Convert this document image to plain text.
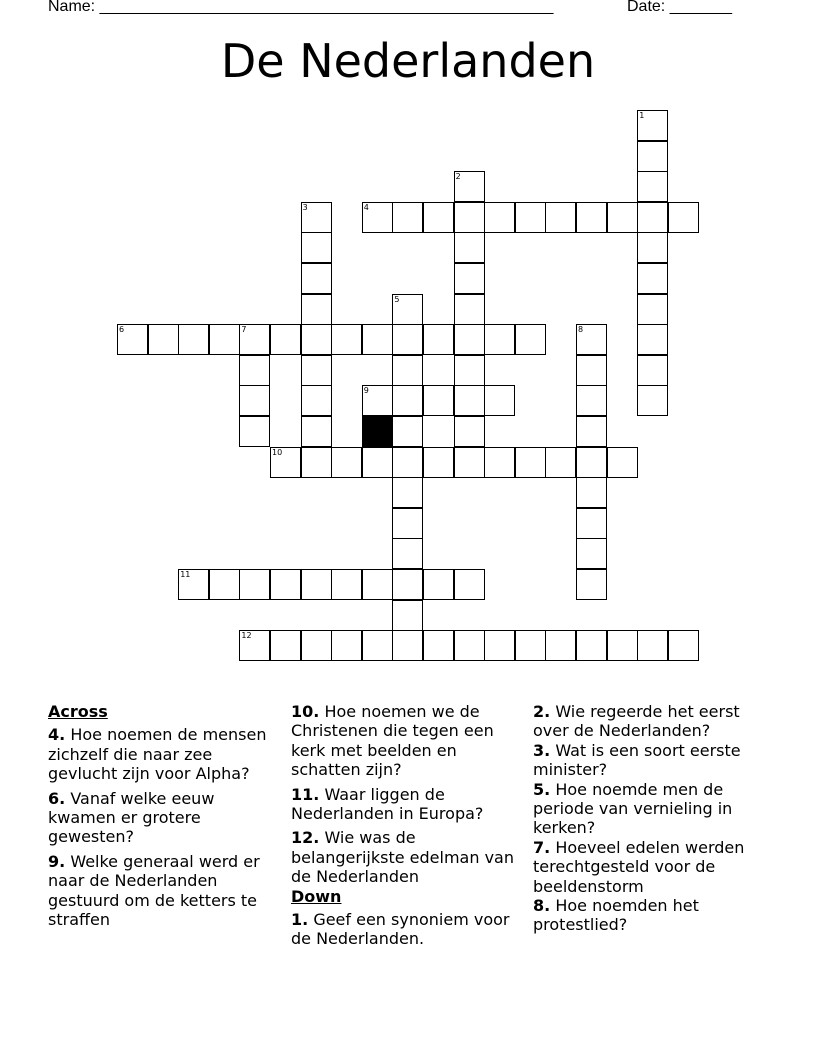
Name: ___________________________________________________	Date: _______
De Nederlanden
1
2
3	4
5
6	7	8
9
10
11
12
Across

4. Hoe noemen de mensen zichzelf die naar zee gevlucht zijn voor Alpha?

6. Vanaf welke eeuw kwamen er grotere gewesten?

9. Welke generaal werd er naar de Nederlanden gestuurd om de ketters te straffen

10. Hoe noemen we de Christenen die tegen een kerk met beelden en schatten zijn?

11. Waar liggen de Nederlanden in Europa?

12. Wie was de belangerijkste edelman van de Nederlanden

Down

1. Geef een synoniem voor de Nederlanden.

2. Wie regeerde het eerst over de Nederlanden?

3. Wat is een soort eerste minister?

5. Hoe noemde men de periode van vernieling in kerken?

7. Hoeveel edelen werden terechtgesteld voor de beeldenstorm

8. Hoe noemden het protestlied?
